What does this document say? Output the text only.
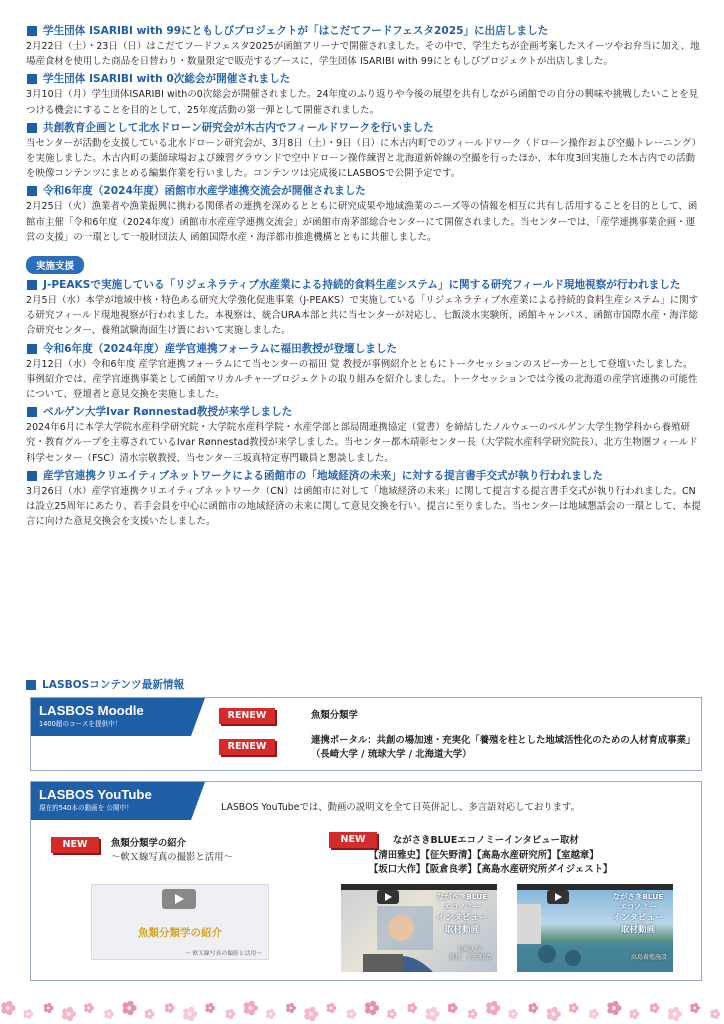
学生団体 ISARIBI with 99にともしびプロジェクトが「はこだてフードフェスタ2025」に出店しました
2月22日（土）・23日（日）はこだてフードフェスタ2025が函館アリーナで開催されました。その中で、学生たちが企画考案したスイーツやお弁当に加え、地場産食材を使用した商品を日替わり・数量限定で販売するブースに、学生団体 ISARIBI with 99にともしびプロジェクトが出店しました。
学生団体 ISARIBI with 0次総会が開催されました
3月10日（月）学生団体ISARIBI withの0次総会が開催されました。24年度のふり返りや今後の展望を共有しながら函館での自分の興味や挑戦したいことを見つける機会にすることを目的として、25年度活動の第一弾として開催されました。
共創教育企画として北水ドローン研究会が木古内でフィールドワークを行いました
当センターが活動を支援している北水ドローン研究会が、3月8日（土）・9日（日）に木古内町でのフィールドワーク（ドローン操作および空撮トレーニング）を実施しました。木古内町の薬師球場および練習グラウンドで空中ドローン操作練習と北海道新幹線の空撮を行ったほか、本年度3回実施した木古内での活動を映像コンテンツにまとめる編集作業を行いました。コンテンツは完成後にLASBOSで公開予定です。
令和6年度（2024年度）函館市水産学連携交流会が開催されました
2月25日（火）漁業者や漁業振興に携わる関係者の連携を深めるとともに研究成果や地域漁業のニーズ等の情報を相互に共有し活用することを目的として、函館市主催「令和6年度（2024年度）函館市水産産学連携交流会」が函館市南茅部総合センターにて開催されました。当センターでは、「産学連携事業企画・運営の支援」の一環として一般財団法人 函館国際水産・海洋都市推進機構とともに共催しました。
実施支援
J-PEAKSで実施している「リジェネラティブ水産業による持続的食料生産システム」に関する研究フィールド現地視察が行われました
2月5日（水）本学が地域中核・特色ある研究大学強化促進事業（J-PEAKS）で実施している「リジェネラティブ水産業による持続的食料生産システム」に関する研究フィールド現地視察が行われました。本視察は、統合URA本部と共に当センターが対応し、七飯淡水実験所、函館キャンパス、函館市国際水産・海洋総合研究センター、養殖試験海面生け簀において実施しました。
令和6年度（2024年度）産学官連携フォーラムに福田教授が登壇しました
2月12日（水）令和6年度 産学官連携フォーラムにて当センターの福田 覚 教授が事例紹介とともにトークセッションのスピーカーとして登壇いたしました。事例紹介では、産学官連携事業として函館マリカルチャープロジェクトの取り組みを紹介しました。トークセッションでは今後の北海道の産学官連携の可能性について、登壇者と意見交換を実施しました。
ベルゲン大学Ivar Rønnestad教授が来学しました
2024年6月に本学大学院水産科学研究院・大学院水産科学院・水産学部と部局間連携協定（覚書）を締結したノルウェーのベルゲン大学生物学科から養殖研究・教育グループを主導されているIvar Rønnestad教授が来学しました。当センター都木靖彰センター長（大学院水産科学研究院長）、北方生物圏フィールド科学センター（FSC）清水宗敬教授、当センター三坂真特定専門職員と懇談しました。
産学官連携クリエイティブネットワークによる函館市の「地域経済の未来」に対する提言書手交式が執り行われました
3月26日（水）産学官連携クリエイティブネットワーク（CN）は函館市に対して「地域経済の未来」に関して提言する提言書手交式が執り行われました。CNは設立25周年にあたり、若手会員を中心に函館市の地域経済の未来に関して意見交換を行い、提言に至りました。当センターは地域懇話会の一環として、本提言に向けた意見交換会を支援いたしました。
LASBOSコンテンツ最新情報
LASBOS Moodle
1400超のコースを提供中！
RENEW	魚類分類学
RENEW
連携ポータル：共創の場加速・充実化「養殖を柱とした地域活性化のための人材育成事業」（長崎大学 / 琉球大学 / 北海道大学）
LASBOS YouTube
現在約540本の動画を 公開中！	LASBOS YouTubeでは、動画の説明文を全て日英併記し、多言語対応しております。
NEW	魚類分類学の紹介
～軟Ｘ線写真の撮影と活用～
魚類分類学の紹介
～ 軟Ｘ線写真の撮影と活用～
NEW	ながさきBLUEエコノミーインタビュー取材
【清田雅史】【征矢野清】【高島水産研究所】【室越章】
【坂口大作】【阪倉良孝】【高島水産研究所ダイジェスト】
ながさきBLUE
エコノミー
インタビュー
取材動画
長崎大学
教授　征矢野清
ながさきBLUE
エコノミー
インタビュー
取材動画
高島養殖施設
